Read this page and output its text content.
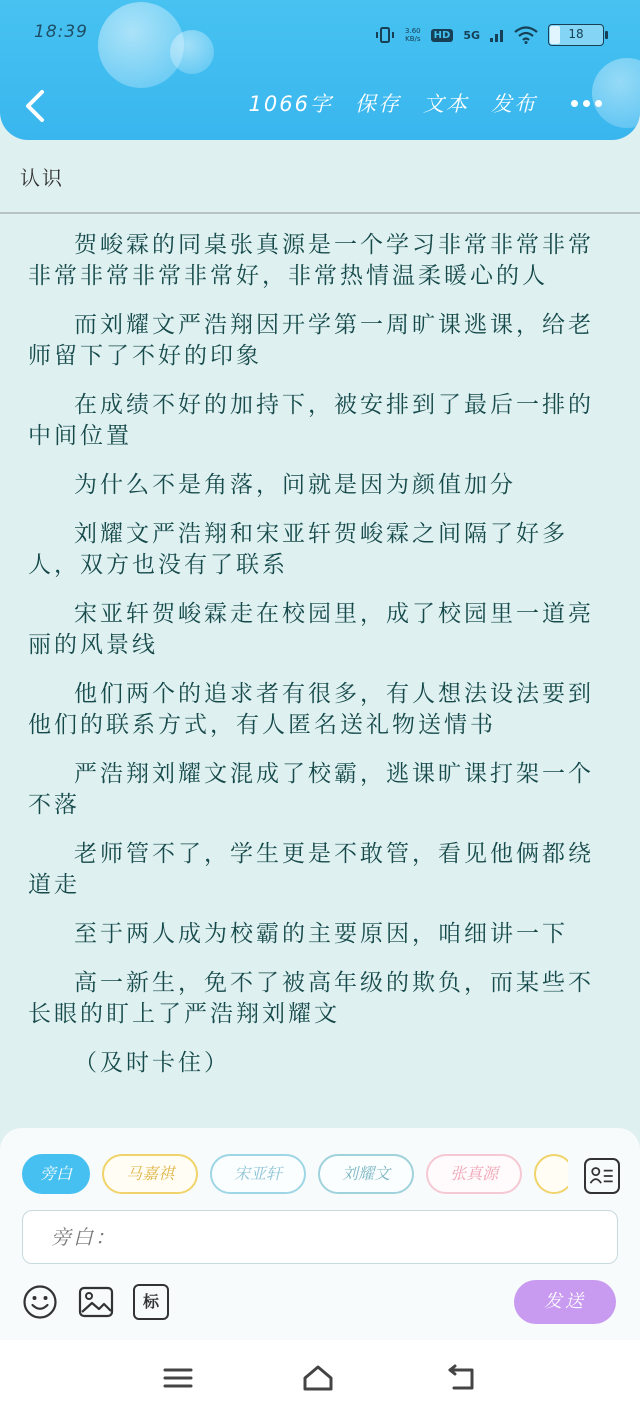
18:39	3.60
KB/s	HD 5G	18
1066字 保存 文本 发布
认识

贺峻霖的同桌张真源是一个学习非常非常非常非常非常非常非常好，非常热情温柔暖心的人

而刘耀文严浩翔因开学第一周旷课逃课，给老师留下了不好的印象

在成绩不好的加持下，被安排到了最后一排的中间位置

为什么不是角落，问就是因为颜值加分

刘耀文严浩翔和宋亚轩贺峻霖之间隔了好多人，双方也没有了联系

宋亚轩贺峻霖走在校园里，成了校园里一道亮丽的风景线

他们两个的追求者有很多，有人想法设法要到他们的联系方式，有人匿名送礼物送情书

严浩翔刘耀文混成了校霸，逃课旷课打架一个不落

老师管不了，学生更是不敢管，看见他俩都绕道走

至于两人成为校霸的主要原因，咱细讲一下

高一新生，免不了被高年级的欺负，而某些不长眼的盯上了严浩翔刘耀文

（及时卡住）

旁白	马嘉祺	宋亚轩	刘耀文	张真源
旁白：
标	发送
